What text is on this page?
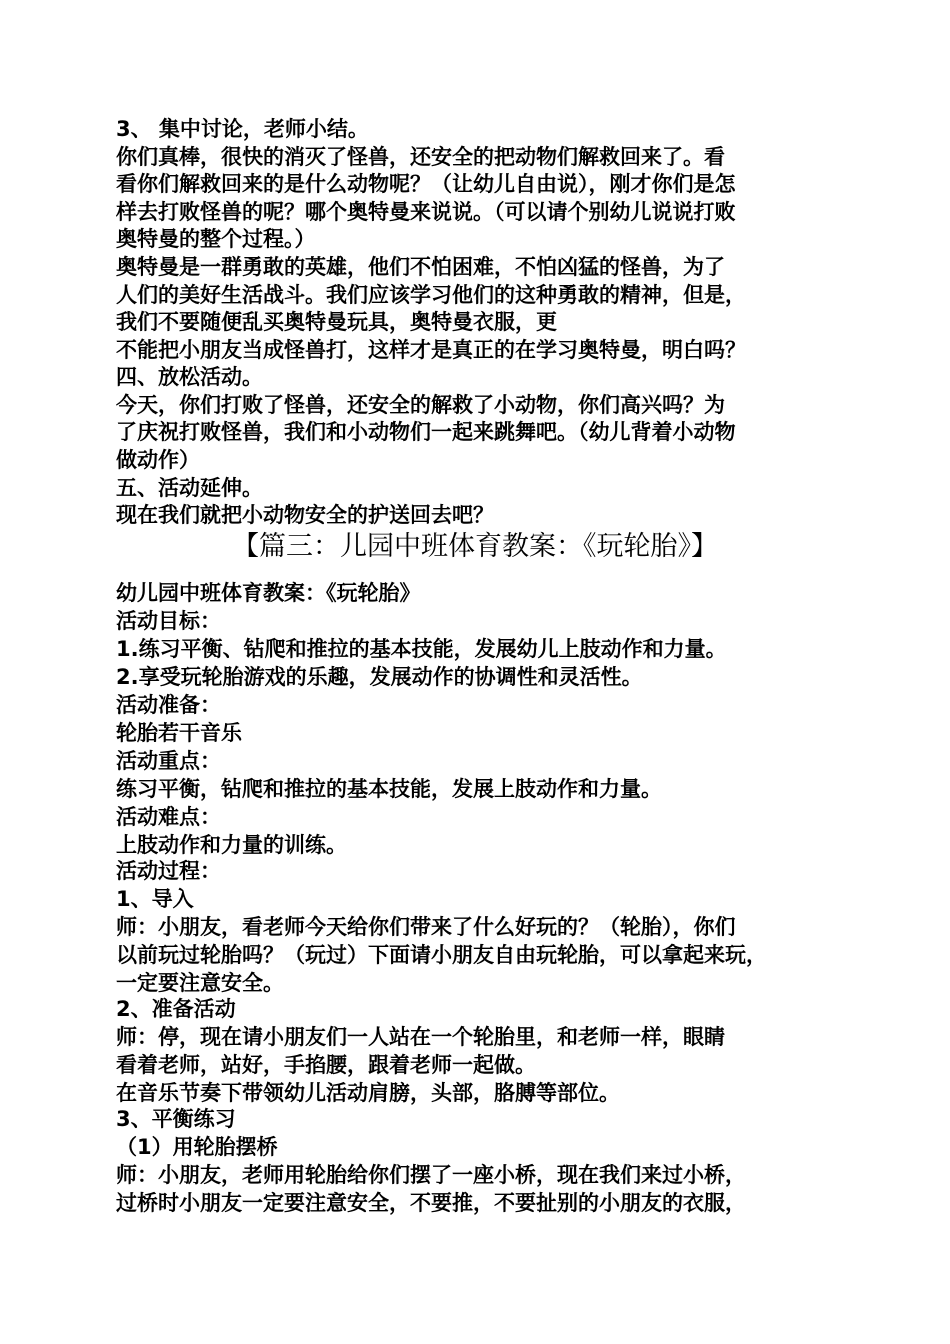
3、 集中讨论，老师小结。
你们真棒，很快的消灭了怪兽，还安全的把动物们解救回来了。看
看你们解救回来的是什么动物呢？（让幼儿自由说），刚才你们是怎
样去打败怪兽的呢？哪个奥特曼来说说。（可以请个别幼儿说说打败
奥特曼的整个过程。）
奥特曼是一群勇敢的英雄，他们不怕困难，不怕凶猛的怪兽，为了
人们的美好生活战斗。我们应该学习他们的这种勇敢的精神，但是，
我们不要随便乱买奥特曼玩具，奥特曼衣服，更
不能把小朋友当成怪兽打，这样才是真正的在学习奥特曼，明白吗？
四、放松活动。
今天，你们打败了怪兽，还安全的解救了小动物，你们高兴吗？为
了庆祝打败怪兽，我们和小动物们一起来跳舞吧。（幼儿背着小动物
做动作）
五、活动延伸。
现在我们就把小动物安全的护送回去吧？
【篇三：儿园中班体育教案：《玩轮胎》】
幼儿园中班体育教案：《玩轮胎》
活动目标：
1.练习平衡、钻爬和推拉的基本技能，发展幼儿上肢动作和力量。
2.享受玩轮胎游戏的乐趣，发展动作的协调性和灵活性。
活动准备：
轮胎若干音乐
活动重点：
练习平衡，钻爬和推拉的基本技能，发展上肢动作和力量。
活动难点：
上肢动作和力量的训练。
活动过程：
1、导入
师：小朋友，看老师今天给你们带来了什么好玩的？（轮胎），你们
以前玩过轮胎吗？（玩过）下面请小朋友自由玩轮胎，可以拿起来玩，
一定要注意安全。
2、准备活动
师：停，现在请小朋友们一人站在一个轮胎里，和老师一样，眼睛
看着老师，站好，手掐腰，跟着老师一起做。
在音乐节奏下带领幼儿活动肩膀，头部，胳膊等部位。
3、平衡练习
（1）用轮胎摆桥
师：小朋友，老师用轮胎给你们摆了一座小桥，现在我们来过小桥，
过桥时小朋友一定要注意安全，不要推，不要扯别的小朋友的衣服，
